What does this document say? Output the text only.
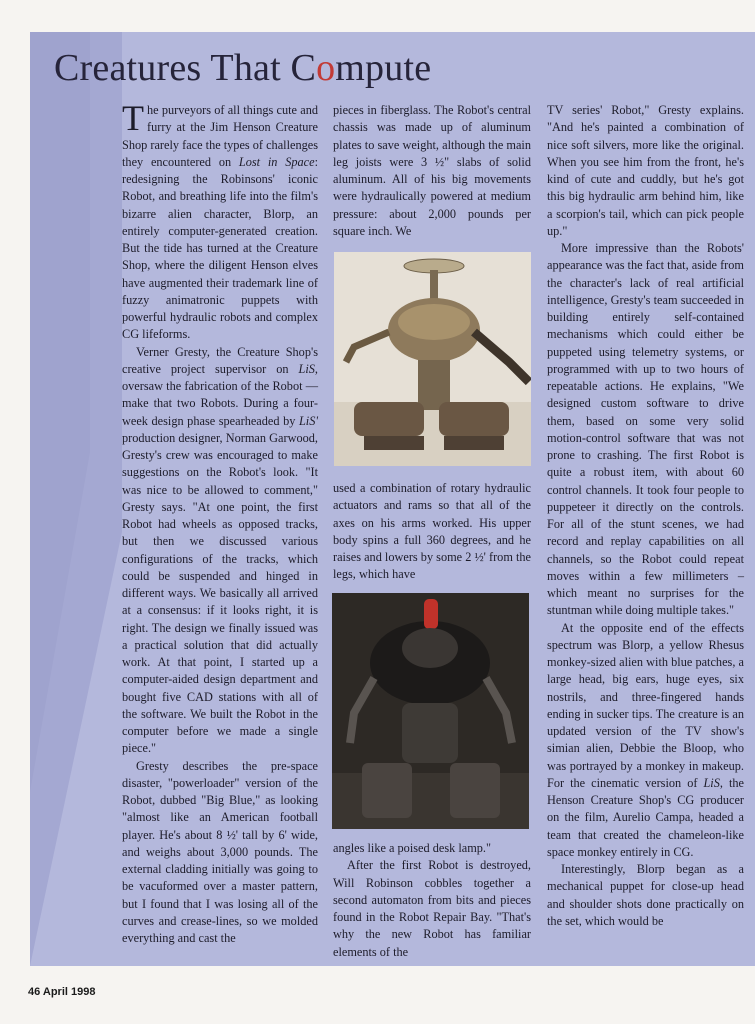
Creatures That Compute

The purveyors of all things cute and furry at the Jim Henson Creature Shop rarely face the types of challenges they encountered on Lost in Space: redesigning the Robinsons' iconic Robot, and breathing life into the film's bizarre alien character, Blorp, an entirely computer-generated creation. But the tide has turned at the Creature Shop, where the diligent Henson elves have augmented their trademark line of fuzzy animatronic puppets with powerful hydraulic robots and complex CG lifeforms.

Verner Gresty, the Creature Shop's creative project supervisor on LiS, oversaw the fabrication of the Robot — make that two Robots. During a four-week design phase spearheaded by LiS' production designer, Norman Garwood, Gresty's crew was encouraged to make suggestions on the Robot's look. "It was nice to be allowed to comment," Gresty says. "At one point, the first Robot had wheels as opposed tracks, but then we discussed various configurations of the tracks, which could be suspended and hinged in different ways. We basically all arrived at a consensus: if it looks right, it is right. The design we finally issued was a practical solution that did actually work. At that point, I started up a computer-aided design department and bought five CAD stations with all of the software. We built the Robot in the computer before we made a single piece."

Gresty describes the pre-space disaster, "powerloader" version of the Robot, dubbed "Big Blue," as looking "almost like an American football player. He's about 8 ½' tall by 6' wide, and weighs about 3,000 pounds. The external cladding initially was going to be vacuformed over a master pattern, but I found that I was losing all of the curves and crease-lines, so we molded everything and cast the

pieces in fiberglass. The Robot's central chassis was made up of aluminum plates to save weight, although the main leg joists were 3 ½" slabs of solid aluminum. All of his big movements were hydraulically powered at medium pressure: about 2,000 pounds per square inch. We

used a combination of rotary hydraulic actuators and rams so that all of the axes on his arms worked. His upper body spins a full 360 degrees, and he raises and lowers by some 2 ½' from the legs, which have

angles like a poised desk lamp."

After the first Robot is destroyed, Will Robinson cobbles together a second automaton from bits and pieces found in the Robot Repair Bay. "That's why the new Robot has familiar elements of the

TV series' Robot," Gresty explains. "And he's painted a combination of nice soft silvers, more like the original. When you see him from the front, he's kind of cute and cuddly, but he's got this big hydraulic arm behind him, like a scorpion's tail, which can pick people up."

More impressive than the Robots' appearance was the fact that, aside from the character's lack of real artificial intelligence, Gresty's team succeeded in building entirely self-contained mechanisms which could either be puppeted using telemetry systems, or programmed with up to two hours of repeatable actions. He explains, "We designed custom software to drive them, based on some very solid motion-control software that was not prone to crashing. The first Robot is quite a robust item, with about 60 control channels. It took four people to puppeteer it directly on the controls. For all of the stunt scenes, we had record and replay capabilities on all channels, so the Robot could repeat moves within a few millimeters – which meant no surprises for the stuntman while doing multiple takes."

At the opposite end of the effects spectrum was Blorp, a yellow Rhesus monkey-sized alien with blue patches, a large head, big ears, huge eyes, six nostrils, and three-fingered hands ending in sucker tips. The creature is an updated version of the TV show's simian alien, Debbie the Bloop, who was portrayed by a monkey in makeup. For the cinematic version of LiS, the Henson Creature Shop's CG producer on the film, Aurelio Campa, headed a team that created the chameleon-like space monkey entirely in CG.

Interestingly, Blorp began as a mechanical puppet for close-up head and shoulder shots done practically on the set, which would be

46 April 1998
